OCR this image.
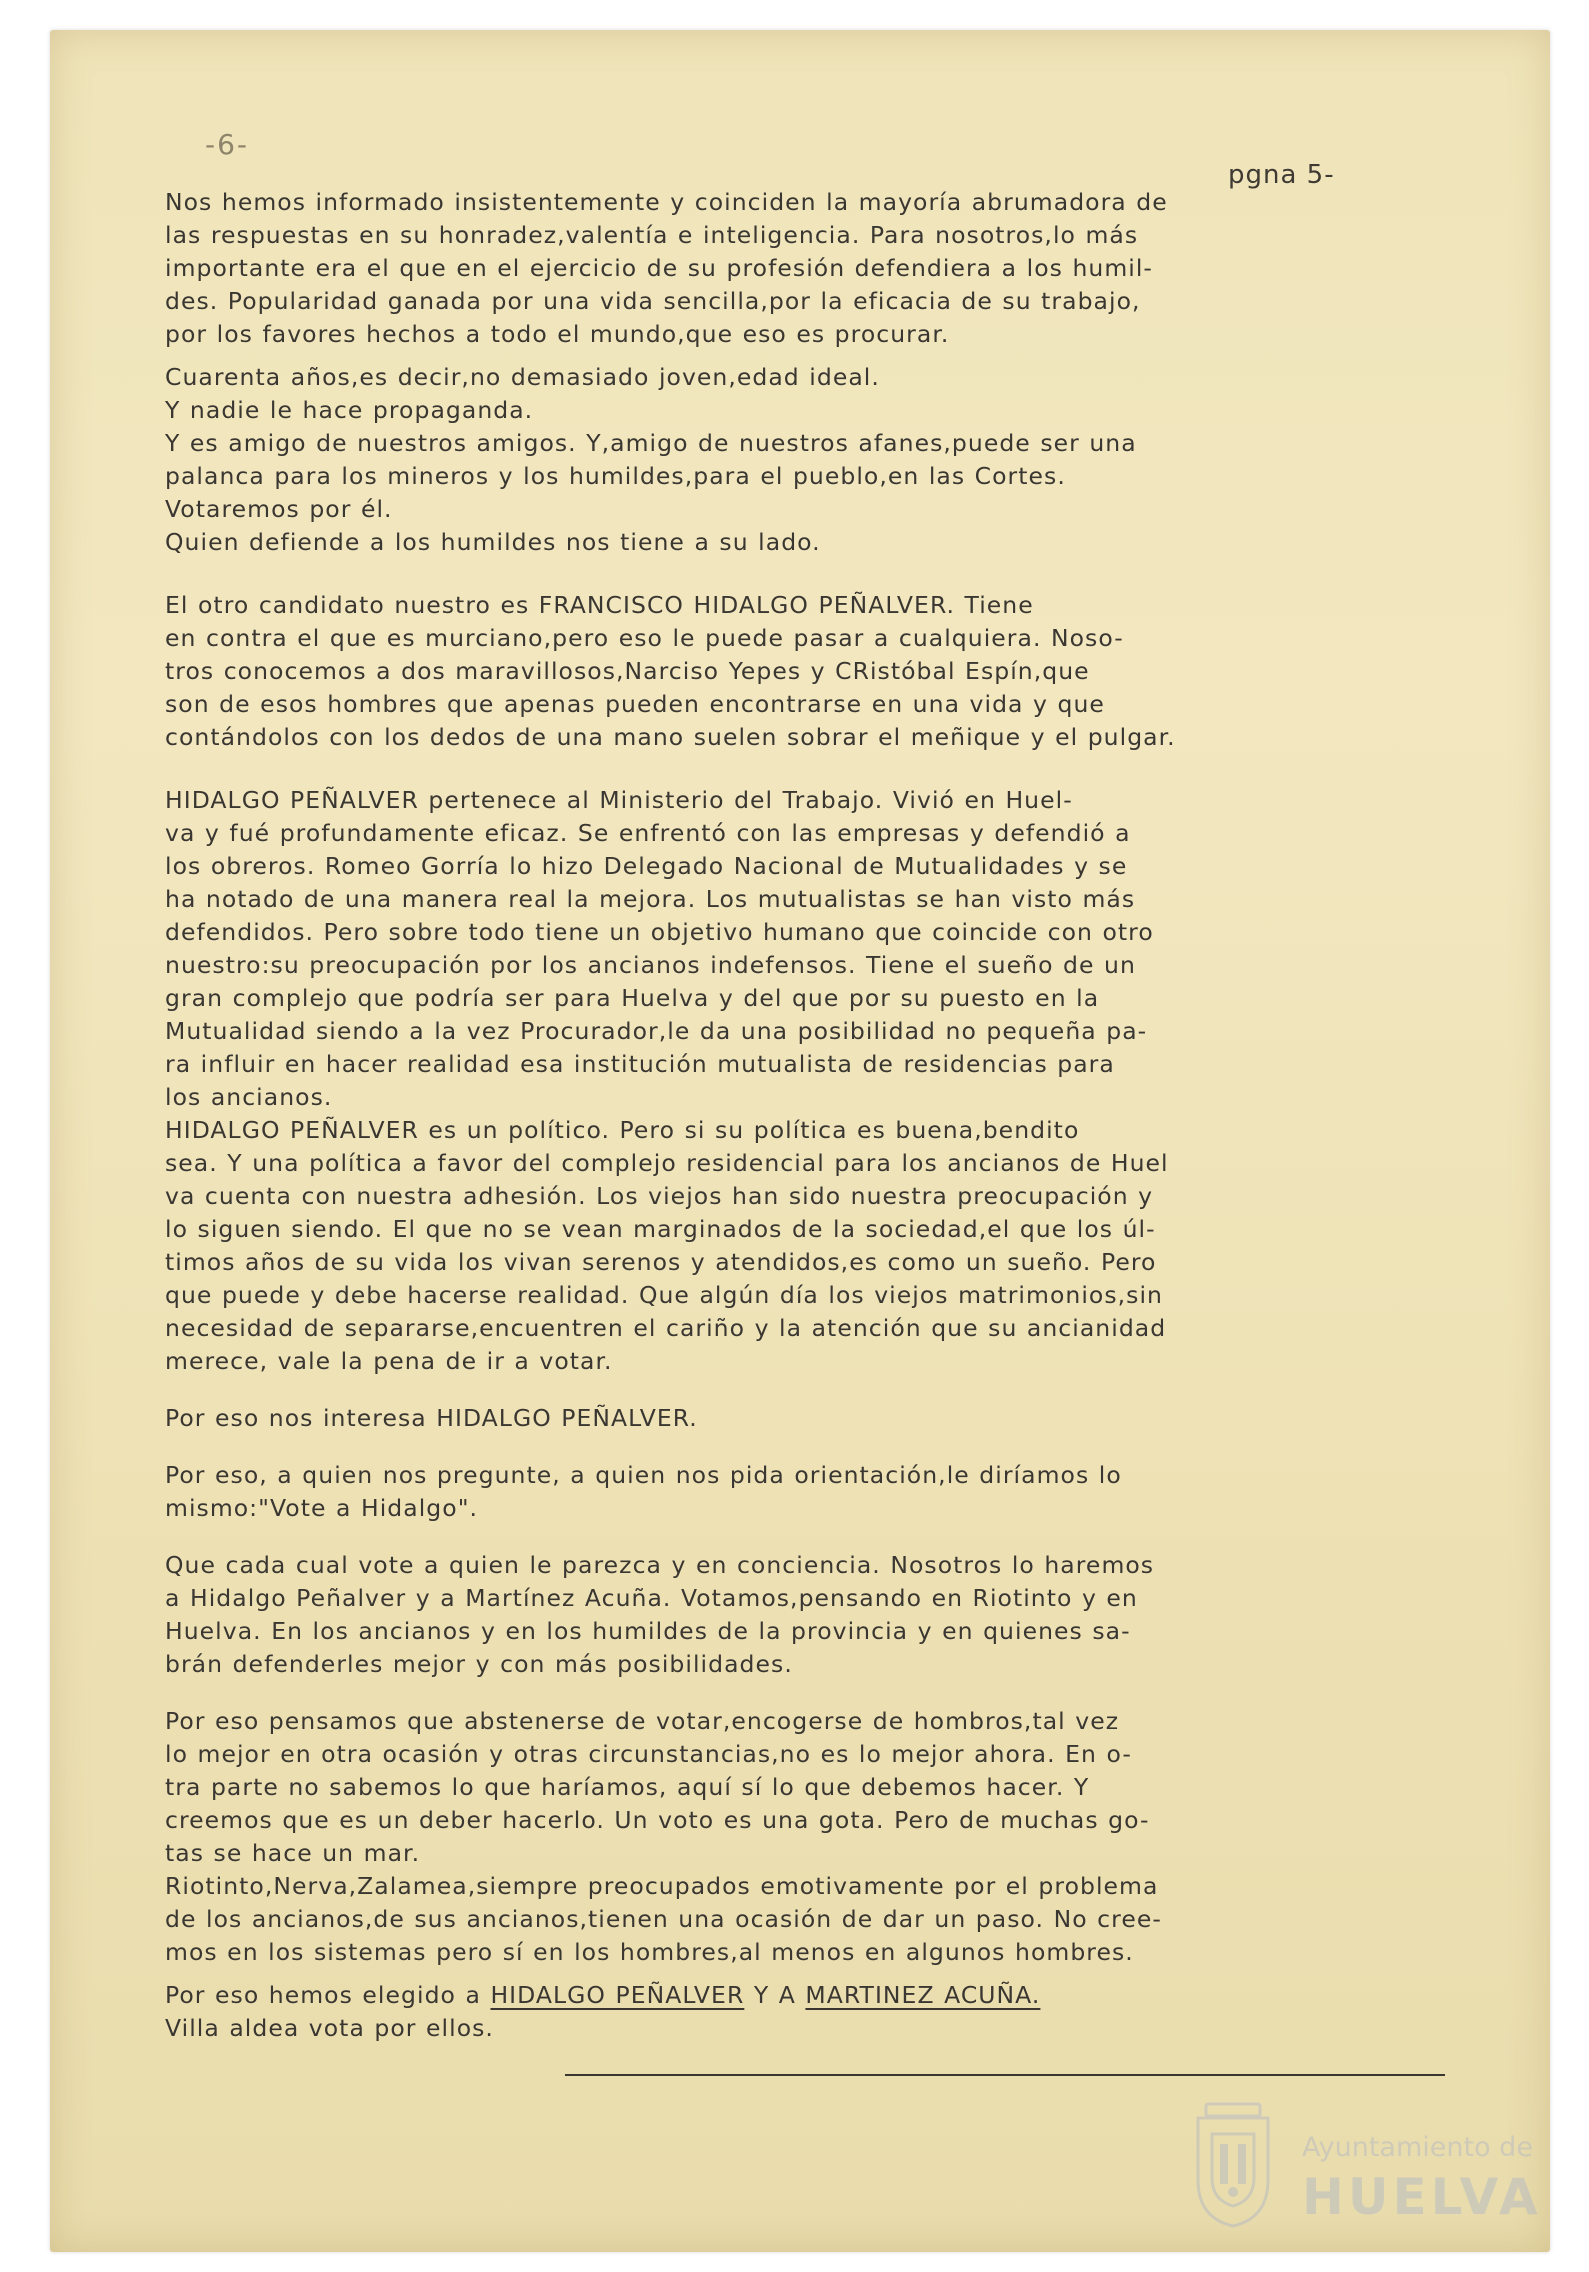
-6-
pgna 5-

Nos hemos informado insistentemente y coinciden la mayoría abrumadora de
las respuestas en su honradez,valentía e inteligencia. Para nosotros,lo más
importante era el que en el ejercicio de su profesión defendiera a los humil-
des. Popularidad ganada por una vida sencilla,por la eficacia de su trabajo,
por los favores hechos a todo el mundo,que eso es procurar.

Cuarenta años,es decir,no demasiado joven,edad ideal.
Y nadie le hace propaganda.
Y es amigo de nuestros amigos. Y,amigo de nuestros afanes,puede ser una
palanca para los mineros y los humildes,para el pueblo,en las Cortes.
Votaremos por él.
Quien defiende a los humildes nos tiene a su lado.

El otro candidato nuestro es FRANCISCO HIDALGO PEÑALVER. Tiene
en contra el que es murciano,pero eso le puede pasar a cualquiera. Noso-
tros conocemos a dos maravillosos,Narciso Yepes y CRistóbal Espín,que
son de esos hombres que apenas pueden encontrarse en una vida y que
contándolos con los dedos de una mano suelen sobrar el meñique y el pulgar.

HIDALGO PEÑALVER pertenece al Ministerio del Trabajo. Vivió en Huel-
va y fué profundamente eficaz. Se enfrentó con las empresas y defendió a
los obreros. Romeo Gorría lo hizo Delegado Nacional de Mutualidades y se
ha notado de una manera real la mejora. Los mutualistas se han visto más
defendidos. Pero sobre todo tiene un objetivo humano que coincide con otro
nuestro:su preocupación por los ancianos indefensos. Tiene el sueño de un
gran complejo que podría ser para Huelva y del que por su puesto en la
Mutualidad siendo a la vez Procurador,le da una posibilidad no pequeña pa-
ra influir en hacer realidad esa institución mutualista de residencias para
los ancianos.
HIDALGO PEÑALVER es un político. Pero si su política es buena,bendito
sea. Y una política a favor del complejo residencial para los ancianos de Huel
va cuenta con nuestra adhesión. Los viejos han sido nuestra preocupación y
lo siguen siendo. El que no se vean marginados de la sociedad,el que los úl-
timos años de su vida los vivan serenos y atendidos,es como un sueño. Pero
que puede y debe hacerse realidad. Que algún día los viejos matrimonios,sin
necesidad de separarse,encuentren el cariño y la atención que su ancianidad
merece, vale la pena de ir a votar.

Por eso nos interesa HIDALGO PEÑALVER.

Por eso, a quien nos pregunte, a quien nos pida orientación,le diríamos lo
mismo:"Vote a Hidalgo".

Que cada cual vote a quien le parezca y en conciencia. Nosotros lo haremos
a Hidalgo Peñalver y a Martínez Acuña. Votamos,pensando en Riotinto y en
Huelva. En los ancianos y en los humildes de la provincia y en quienes sa-
brán defenderles mejor y con más posibilidades.

Por eso pensamos que abstenerse de votar,encogerse de hombros,tal vez
lo mejor en otra ocasión y otras circunstancias,no es lo mejor ahora. En o-
tra parte no sabemos lo que haríamos, aquí sí lo que debemos hacer. Y
creemos que es un deber hacerlo. Un voto es una gota. Pero de muchas go-
tas se hace un mar.
Riotinto,Nerva,Zalamea,siempre preocupados emotivamente por el problema
de los ancianos,de sus ancianos,tienen una ocasión de dar un paso. No cree-
mos en los sistemas pero sí en los hombres,al menos en algunos hombres.

Por eso hemos elegido a HIDALGO PEÑALVER Y A MARTINEZ ACUÑA.
Villa aldea vota por ellos.

Ayuntamiento de
HUELVA
